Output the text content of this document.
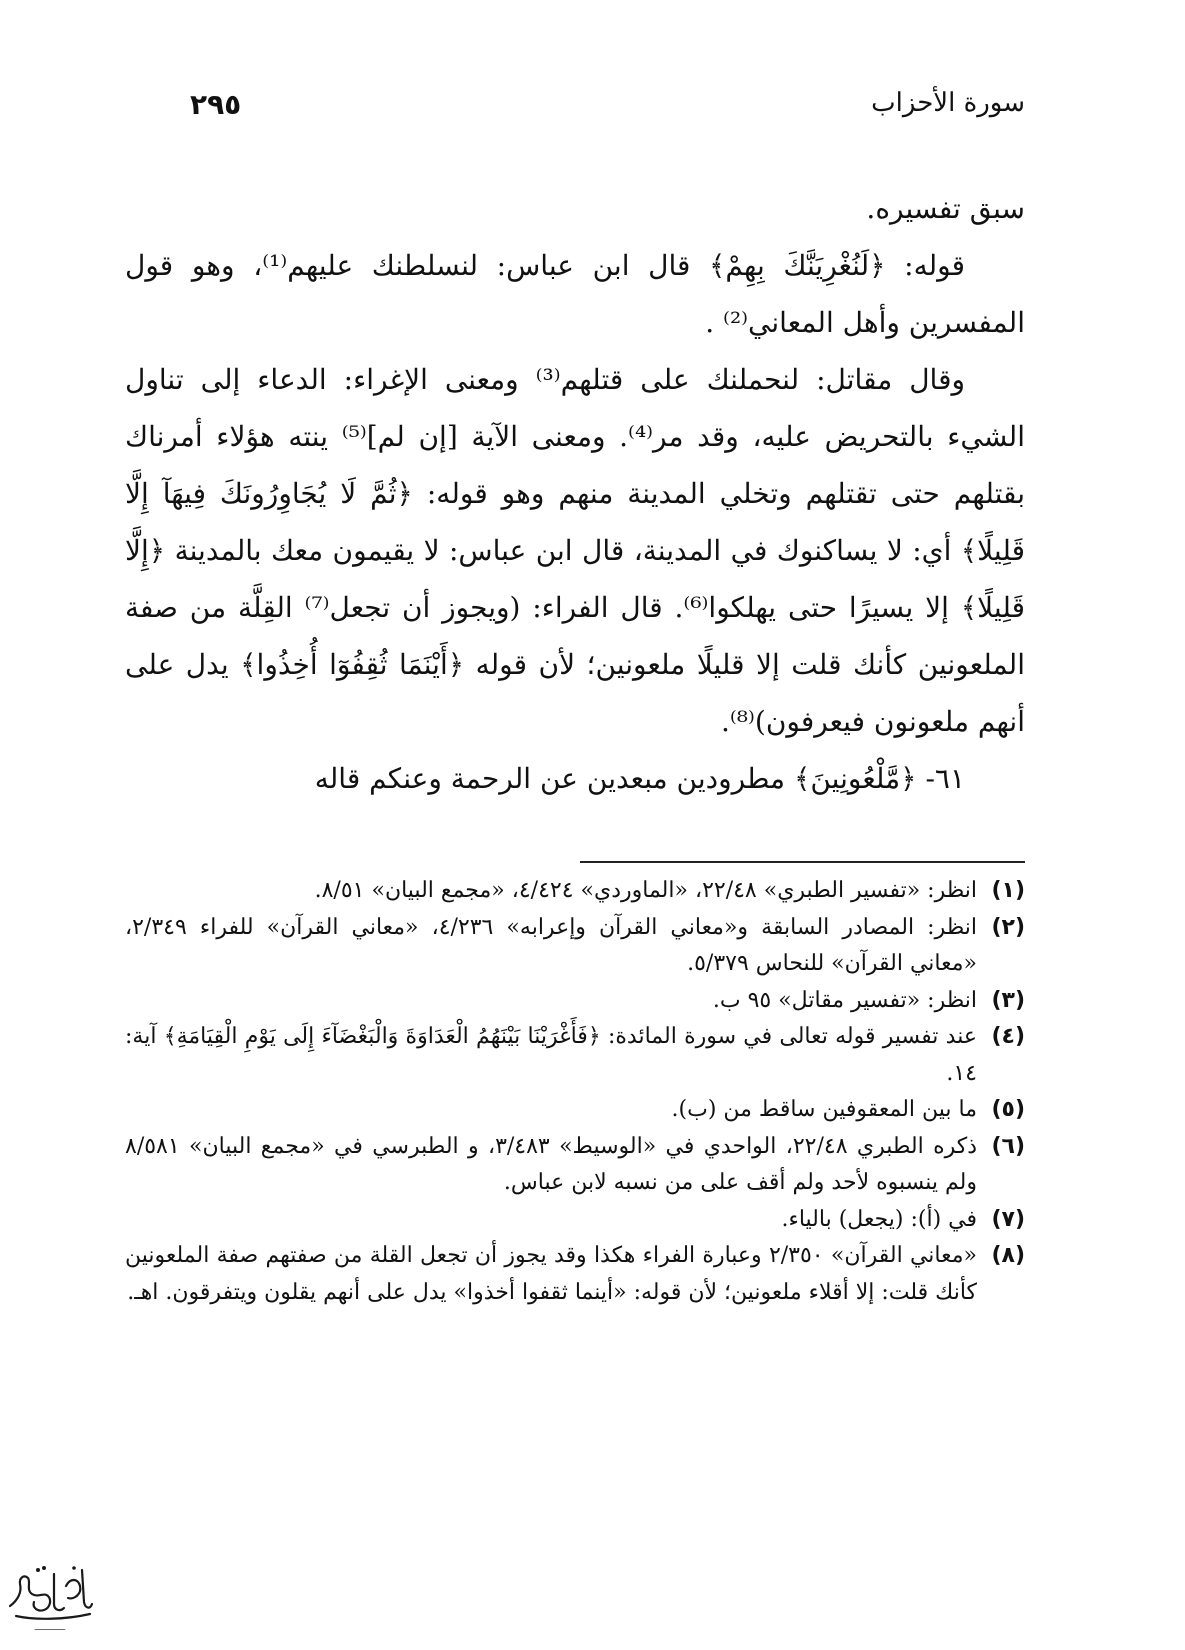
سورة الأحزاب
٢٩٥

سبق تفسيره.

قوله: ﴿لَنُغْرِيَنَّكَ بِهِمْ﴾ قال ابن عباس: لنسلطنك عليهم⁽¹⁾، وهو قول المفسرين وأهل المعاني⁽²⁾ .

وقال مقاتل: لنحملنك على قتلهم⁽³⁾ ومعنى الإغراء: الدعاء إلى تناول الشيء بالتحريض عليه، وقد مر⁽⁴⁾. ومعنى الآية [إن لم]⁽⁵⁾ ينته هؤلاء أمرناك بقتلهم حتى تقتلهم وتخلي المدينة منهم وهو قوله: ﴿ثُمَّ لَا يُجَاوِرُونَكَ فِيهَآ إِلَّا قَلِيلًا﴾ أي: لا يساكنوك في المدينة، قال ابن عباس: لا يقيمون معك بالمدينة ﴿إِلَّا قَلِيلًا﴾ إلا يسيرًا حتى يهلكوا⁽⁶⁾. قال الفراء: (ويجوز أن تجعل⁽⁷⁾ القِلَّة من صفة الملعونين كأنك قلت إلا قليلًا ملعونين؛ لأن قوله ﴿أَيْنَمَا ثُقِفُوٓا أُخِذُوا﴾ يدل على أنهم ملعونون فيعرفون)⁽⁸⁾.

٦١- ﴿مَّلْعُونِينَ﴾ مطرودين مبعدين عن الرحمة وعنكم قاله

(١)
انظر: «تفسير الطبري» ٢٢/٤٨، «الماوردي» ٤/٤٢٤، «مجمع البيان» ٨/٥١.
(٢)
انظر: المصادر السابقة و«معاني القرآن وإعرابه» ٤/٢٣٦، «معاني القرآن» للفراء ٢/٣٤٩، «معاني القرآن» للنحاس ٥/٣٧٩.
(٣)
انظر: «تفسير مقاتل» ٩٥ ب.
(٤)
عند تفسير قوله تعالى في سورة المائدة: ﴿فَأَغْرَيْنَا بَيْنَهُمُ الْعَدَاوَةَ وَالْبَغْضَآءَ إِلَى يَوْمِ الْقِيَامَةِ﴾ آية: ١٤.
(٥)
ما بين المعقوفين ساقط من (ب).
(٦)
ذكره الطبري ٢٢/٤٨، الواحدي في «الوسيط» ٣/٤٨٣، و الطبرسي في «مجمع البيان» ٨/٥٨١ ولم ينسبوه لأحد ولم أقف على من نسبه لابن عباس.
(٧)
في (أ): (يجعل) بالياء.
(٨)
«معاني القرآن» ٢/٣٥٠ وعبارة الفراء هكذا وقد يجوز أن تجعل القلة من صفتهم صفة الملعونين كأنك قلت: إلا أقلاء ملعونين؛ لأن قوله: «أينما ثقفوا أخذوا» يدل على أنهم يقلون ويتفرقون. اهـ.
ـــــــــــــ
